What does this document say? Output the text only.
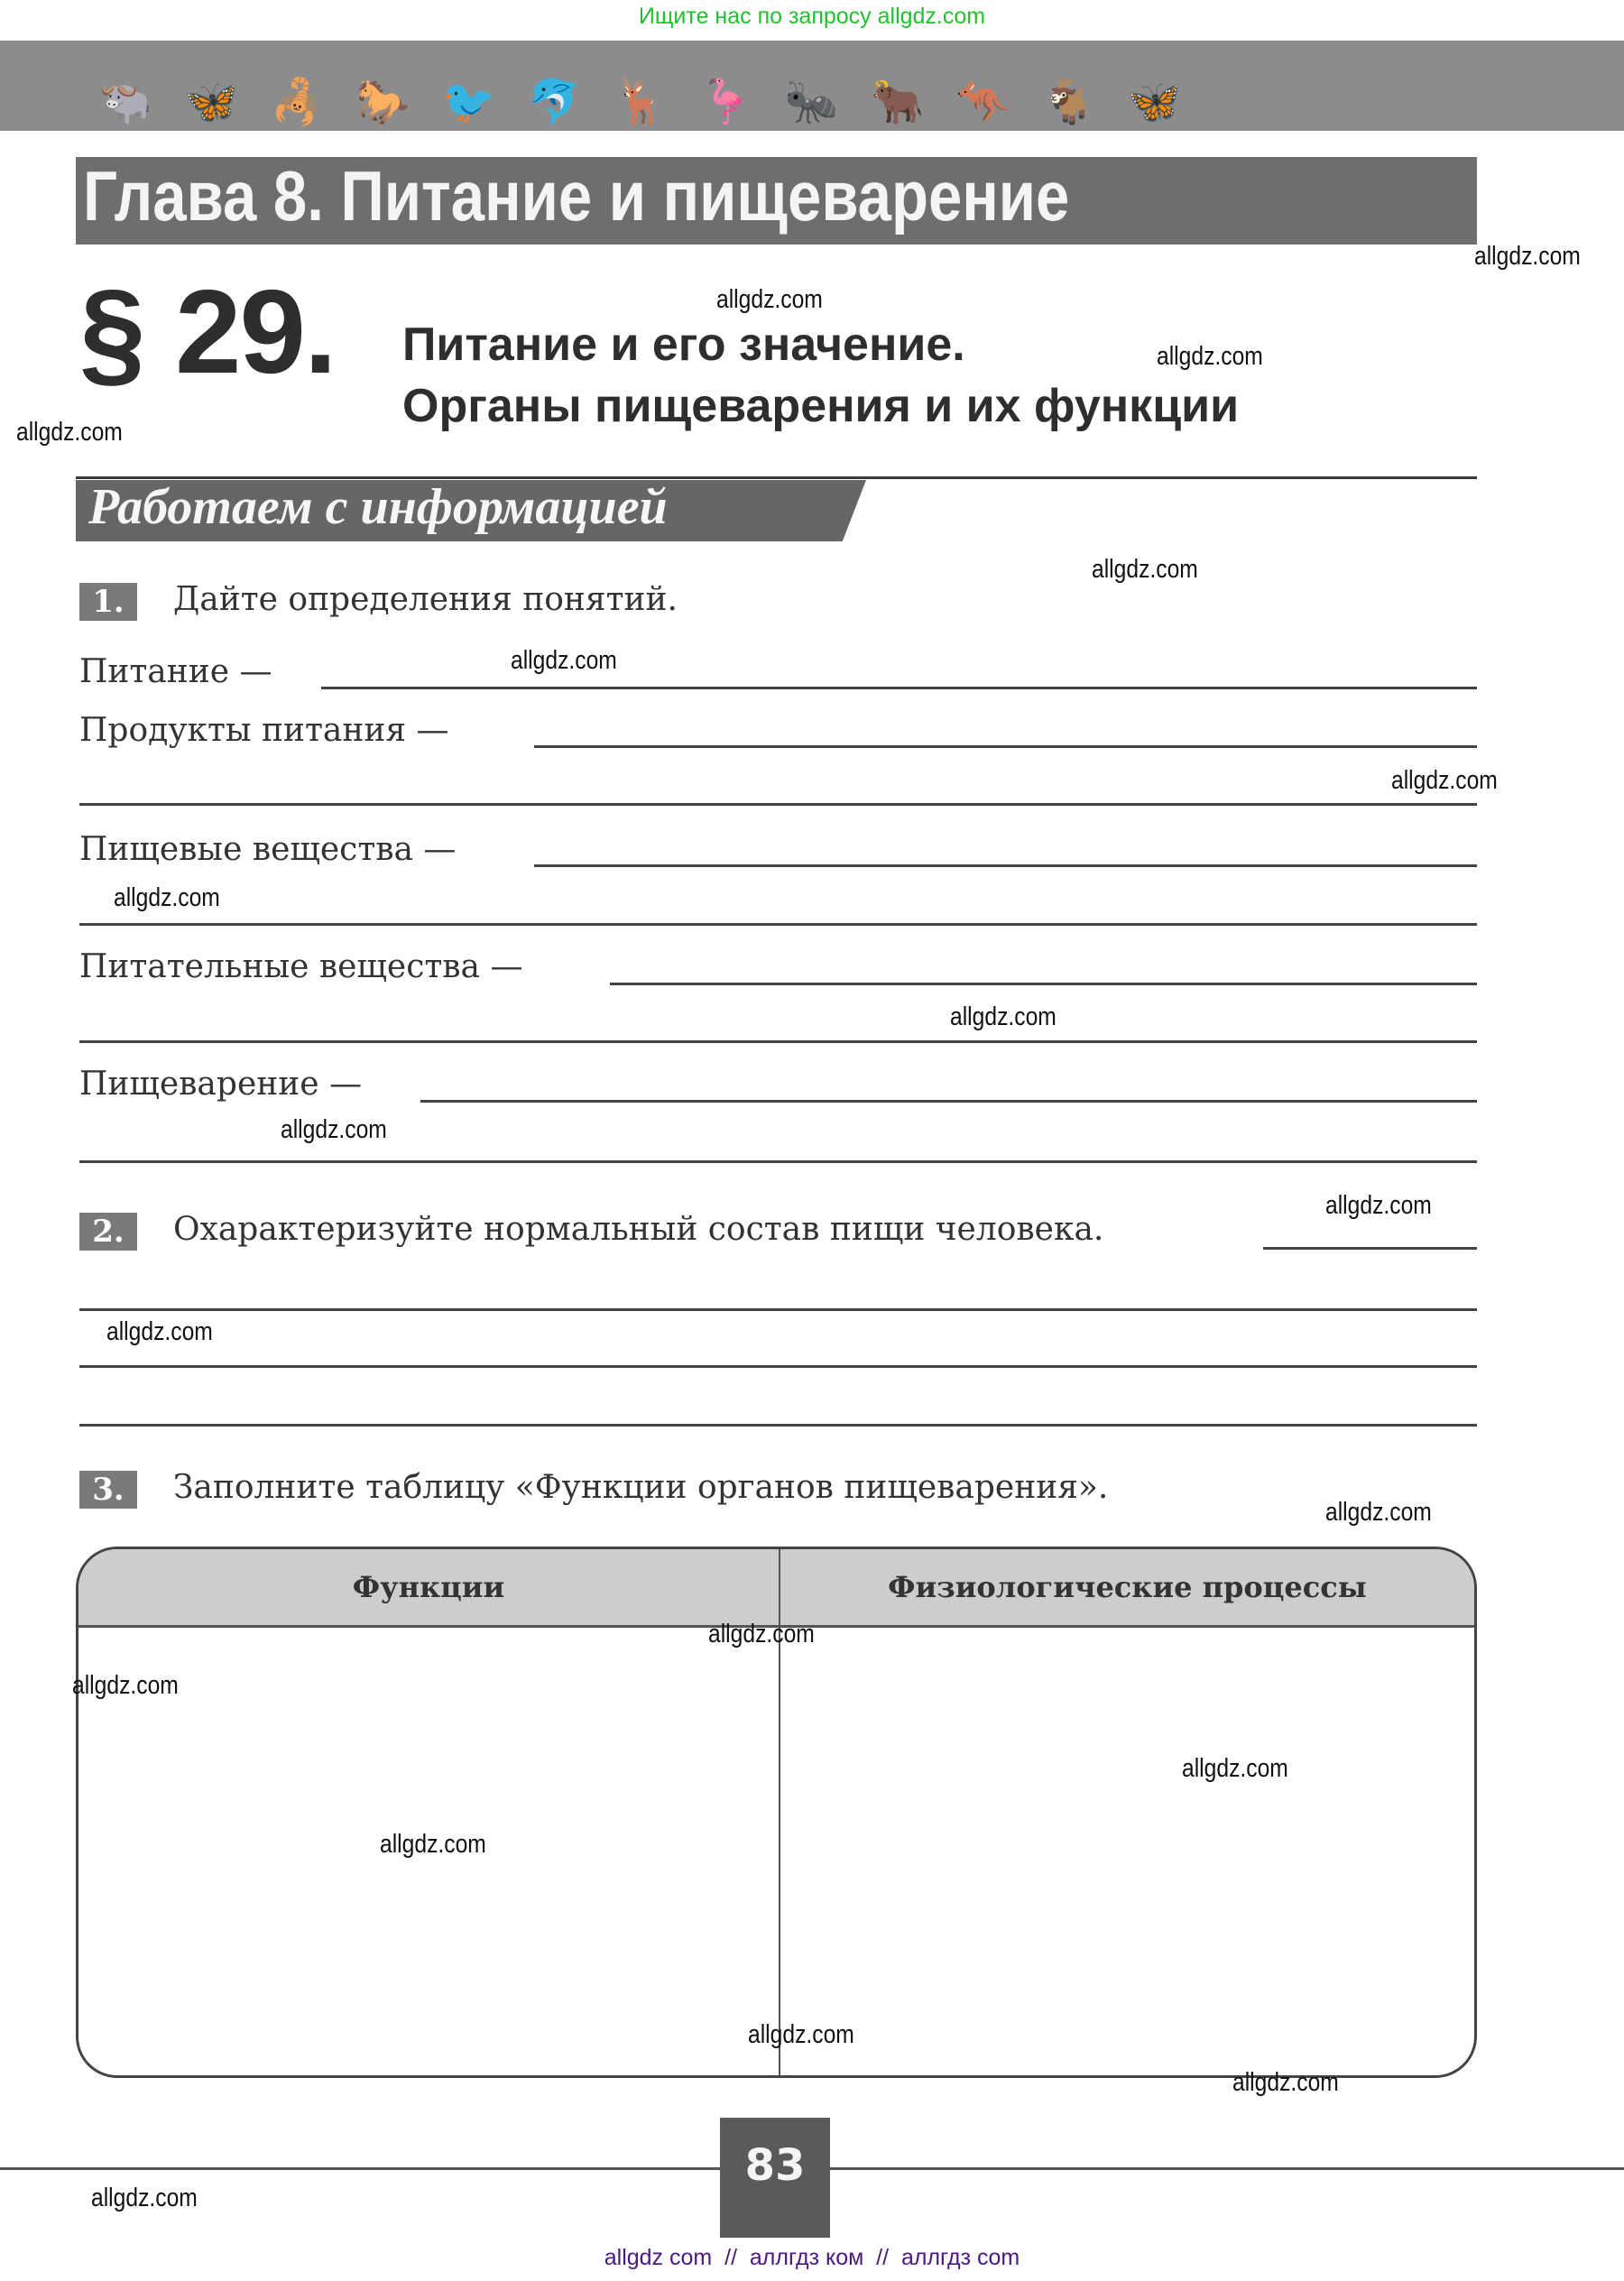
Ищите нас по запросу allgdz.com
🐃 🦋 🦂 🐎 🐦 🐬 🦌 🦩 🐜 🐂 🦘 🐐 🦋
Глава 8. Питание и пищеварение
§ 29. Питание и его значение.
Органы пищеварения и их функции
Работаем с информацией
1.	Дайте определения понятий.
Питание —
Продукты питания —
Пищевые вещества —
Питательные вещества —
Пищеварение —
2.	Охарактеризуйте нормальный состав пищи человека.
3.	Заполните таблицу «Функции органов пищеварения».
Функции	Физиологические процессы
83
allgdz com  //  аллгдз ком  //  аллгдз com
allgdz.com
allgdz.com
allgdz.com
allgdz.com
allgdz.com
allgdz.com
allgdz.com
allgdz.com
allgdz.com
allgdz.com
allgdz.com
allgdz.com
allgdz.com
allgdz.com
allgdz.com
allgdz.com
allgdz.com
allgdz.com
allgdz.com
allgdz.com
